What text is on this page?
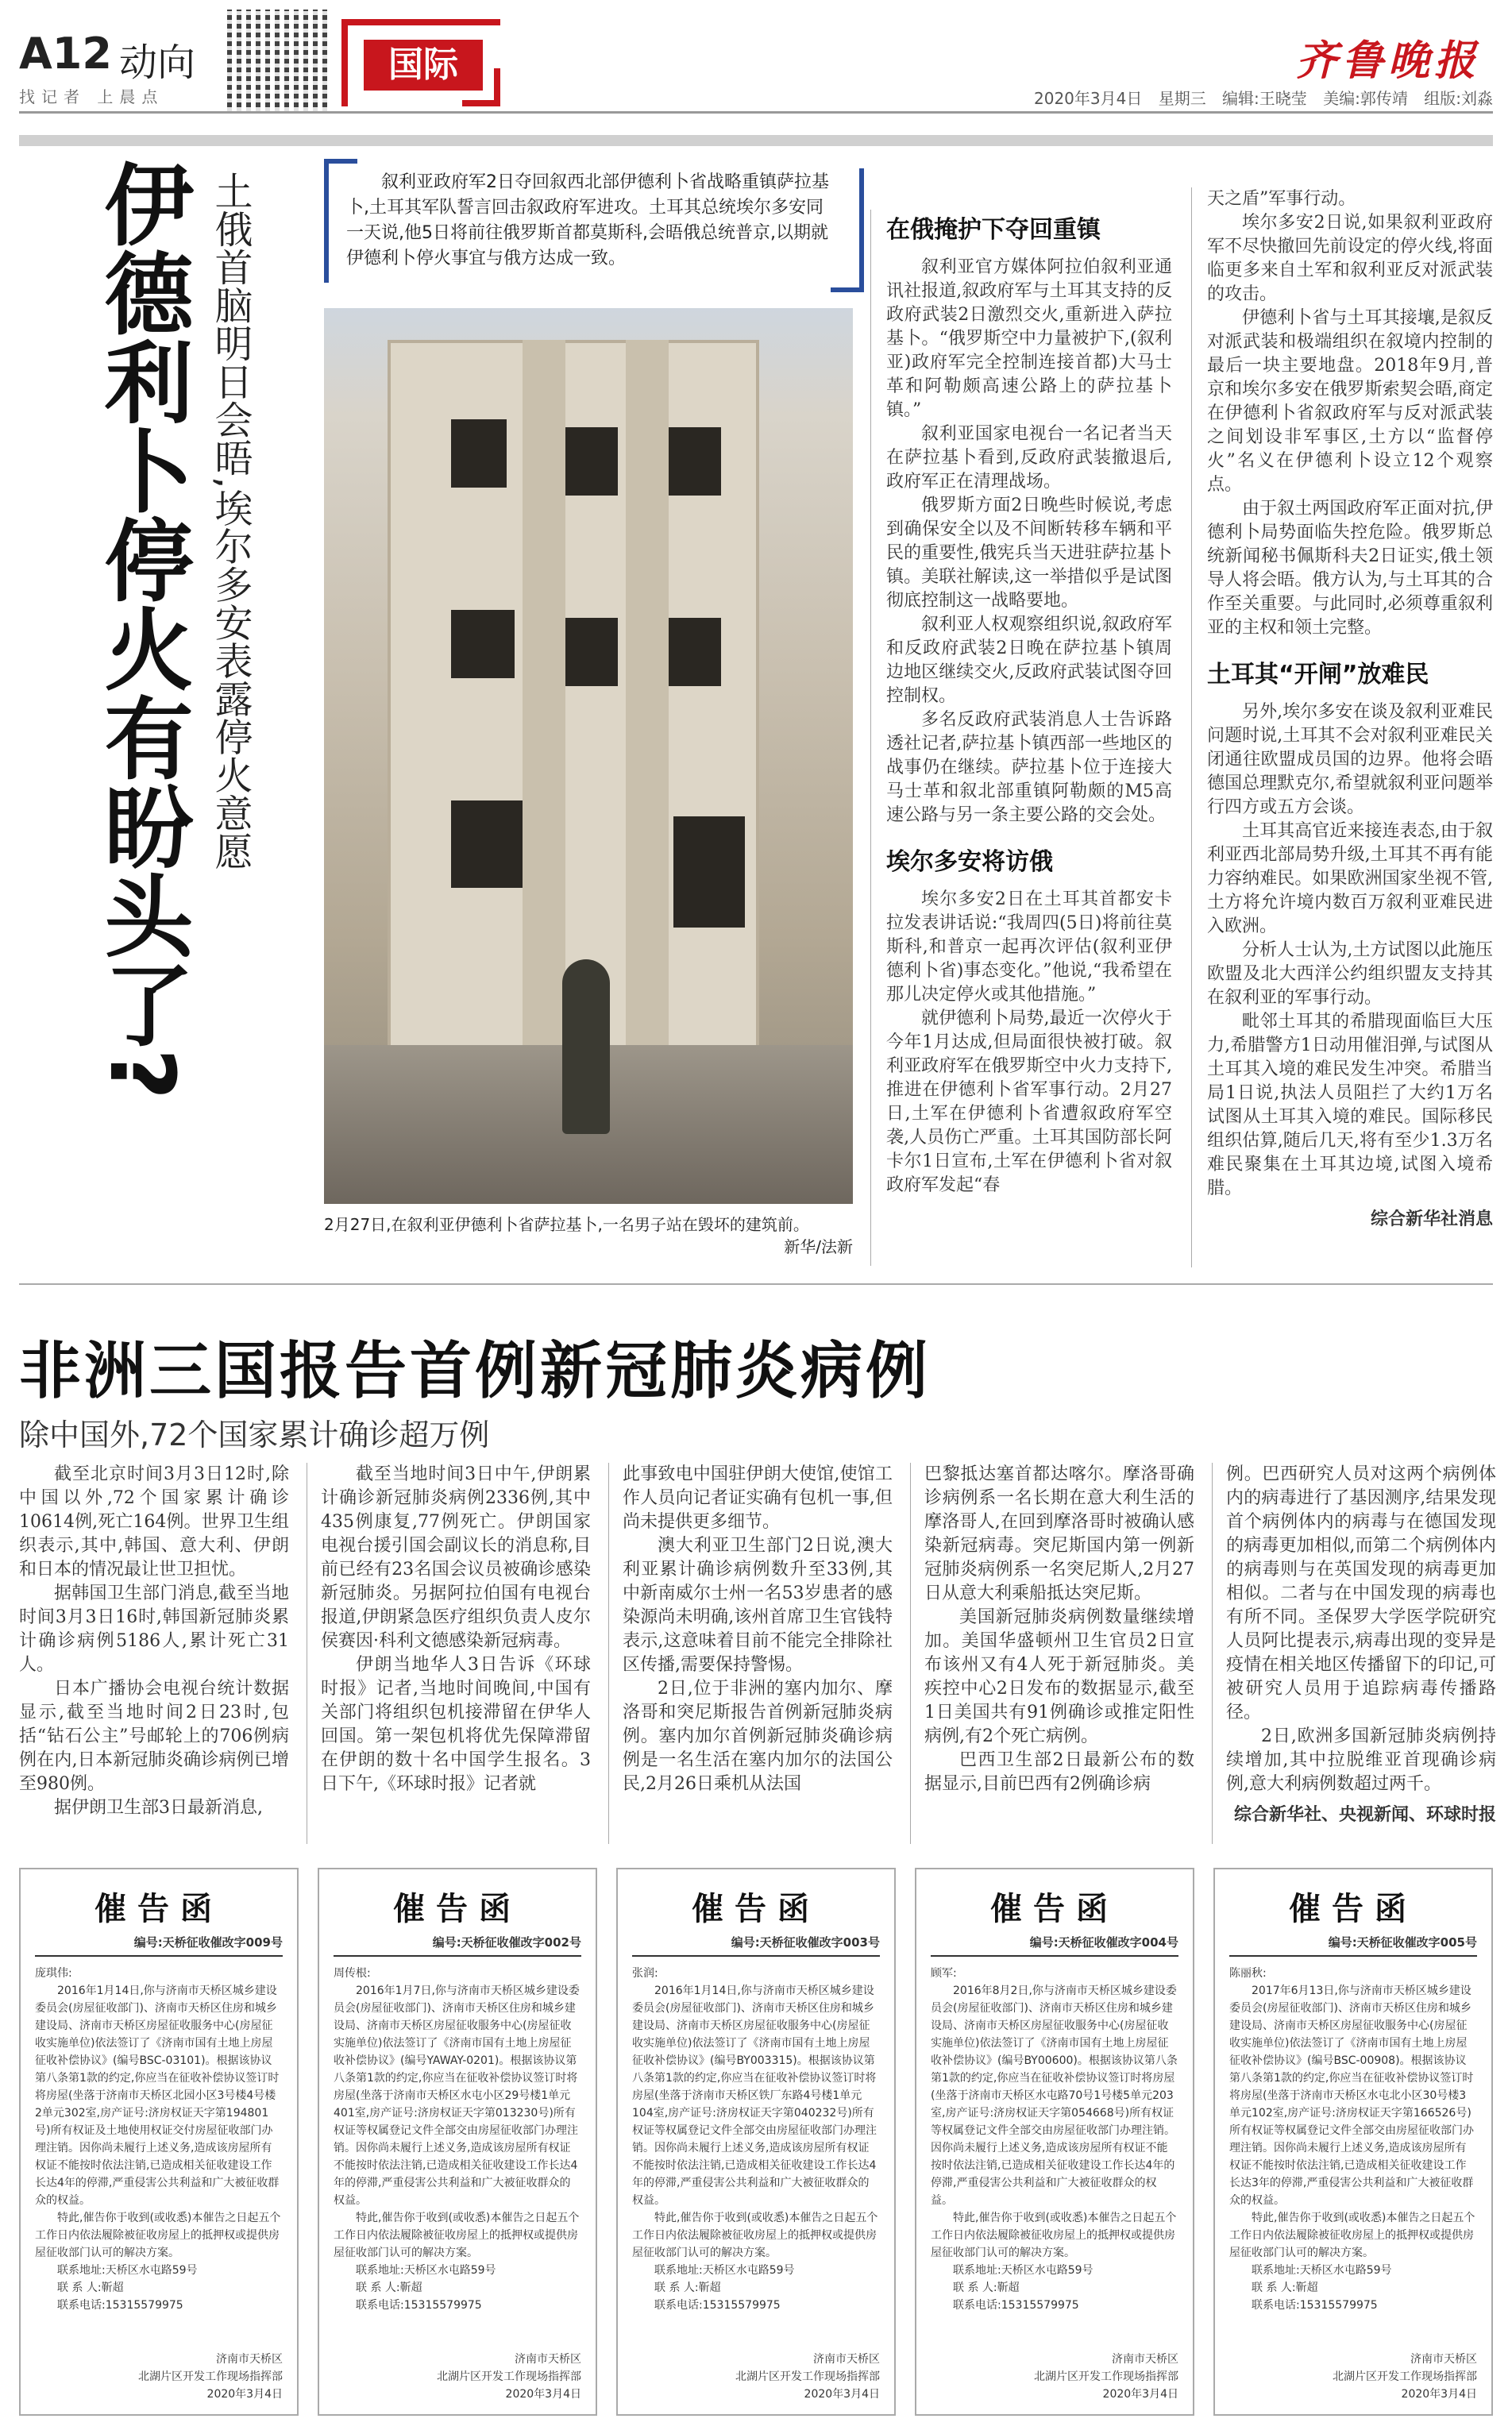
A12 动向
找记者 上晨点
国际	齐鲁晚报
2020年3月4日 星期三 编辑:王晓莹 美编:郭传靖 组版:刘淼
伊德利卜停火有盼头了? 土俄首脑明日会晤,埃尔多安表露停火意愿	叙利亚政府军2日夺回叙西北部伊德利卜省战略重镇萨拉基卜,土耳其军队誓言回击叙政府军进攻。土耳其总统埃尔多安同一天说,他5日将前往俄罗斯首都莫斯科,会晤俄总统普京,以期就伊德利卜停火事宜与俄方达成一致。

2月27日,在叙利亚伊德利卜省萨拉基卜,一名男子站在毁坏的建筑前。
新华/法新
在俄掩护下夺回重镇

叙利亚官方媒体阿拉伯叙利亚通讯社报道,叙政府军与土耳其支持的反政府武装2日激烈交火,重新进入萨拉基卜。“俄罗斯空中力量被护下,(叙利亚)政府军完全控制连接首都)大马士革和阿勒颇高速公路上的萨拉基卜镇。”

叙利亚国家电视台一名记者当天在萨拉基卜看到,反政府武装撤退后,政府军正在清理战场。

俄罗斯方面2日晚些时候说,考虑到确保安全以及不间断转移车辆和平民的重要性,俄宪兵当天进驻萨拉基卜镇。美联社解读,这一举措似乎是试图彻底控制这一战略要地。

叙利亚人权观察组织说,叙政府军和反政府武装2日晚在萨拉基卜镇周边地区继续交火,反政府武装试图夺回控制权。

多名反政府武装消息人士告诉路透社记者,萨拉基卜镇西部一些地区的战事仍在继续。萨拉基卜位于连接大马士革和叙北部重镇阿勒颇的M5高速公路与另一条主要公路的交会处。

埃尔多安将访俄

埃尔多安2日在土耳其首都安卡拉发表讲话说:“我周四(5日)将前往莫斯科,和普京一起再次评估(叙利亚伊德利卜省)事态变化。”他说,“我希望在那儿决定停火或其他措施。”

就伊德利卜局势,最近一次停火于今年1月达成,但局面很快被打破。叙利亚政府军在俄罗斯空中火力支持下,推进在伊德利卜省军事行动。2月27日,土军在伊德利卜省遭叙政府军空袭,人员伤亡严重。土耳其国防部长阿卡尔1日宣布,土军在伊德利卜省对叙政府军发起“春

天之盾”军事行动。

埃尔多安2日说,如果叙利亚政府军不尽快撤回先前设定的停火线,将面临更多来自土军和叙利亚反对派武装的攻击。

伊德利卜省与土耳其接壤,是叙反对派武装和极端组织在叙境内控制的最后一块主要地盘。2018年9月,普京和埃尔多安在俄罗斯索契会晤,商定在伊德利卜省叙政府军与反对派武装之间划设非军事区,土方以“监督停火”名义在伊德利卜设立12个观察点。

由于叙土两国政府军正面对抗,伊德利卜局势面临失控危险。俄罗斯总统新闻秘书佩斯科夫2日证实,俄土领导人将会晤。俄方认为,与土耳其的合作至关重要。与此同时,必须尊重叙利亚的主权和领土完整。

土耳其“开闸”放难民

另外,埃尔多安在谈及叙利亚难民问题时说,土耳其不会对叙利亚难民关闭通往欧盟成员国的边界。他将会晤德国总理默克尔,希望就叙利亚问题举行四方或五方会谈。

土耳其高官近来接连表态,由于叙利亚西北部局势升级,土耳其不再有能力容纳难民。如果欧洲国家坐视不管,土方将允许境内数百万叙利亚难民进入欧洲。

分析人士认为,土方试图以此施压欧盟及北大西洋公约组织盟友支持其在叙利亚的军事行动。

毗邻土耳其的希腊现面临巨大压力,希腊警方1日动用催泪弹,与试图从土耳其入境的难民发生冲突。希腊当局1日说,执法人员阻拦了大约1万名试图从土耳其入境的难民。国际移民组织估算,随后几天,将有至少1.3万名难民聚集在土耳其边境,试图入境希腊。

综合新华社消息
非洲三国报告首例新冠肺炎病例
除中国外,72个国家累计确诊超万例

截至北京时间3月3日12时,除中国以外,72个国家累计确诊10614例,死亡164例。世界卫生组织表示,其中,韩国、意大利、伊朗和日本的情况最让世卫担忧。

据韩国卫生部门消息,截至当地时间3月3日16时,韩国新冠肺炎累计确诊病例5186人,累计死亡31人。

日本广播协会电视台统计数据显示,截至当地时间2日23时,包括“钻石公主”号邮轮上的706例病例在内,日本新冠肺炎确诊病例已增至980例。

据伊朗卫生部3日最新消息,

截至当地时间3日中午,伊朗累计确诊新冠肺炎病例2336例,其中435例康复,77例死亡。伊朗国家电视台援引国会副议长的消息称,目前已经有23名国会议员被确诊感染新冠肺炎。另据阿拉伯国有电视台报道,伊朗紧急医疗组织负责人皮尔侯赛因·科利文德感染新冠病毒。

伊朗当地华人3日告诉《环球时报》记者,当地时间晚间,中国有关部门将组织包机接滞留在伊华人回国。第一架包机将优先保障滞留在伊朗的数十名中国学生报名。3日下午,《环球时报》记者就

此事致电中国驻伊朗大使馆,使馆工作人员向记者证实确有包机一事,但尚未提供更多细节。

澳大利亚卫生部门2日说,澳大利亚累计确诊病例数升至33例,其中新南威尔士州一名53岁患者的感染源尚未明确,该州首席卫生官钱特表示,这意味着目前不能完全排除社区传播,需要保持警惕。

2日,位于非洲的塞内加尔、摩洛哥和突尼斯报告首例新冠肺炎病例。塞内加尔首例新冠肺炎确诊病例是一名生活在塞内加尔的法国公民,2月26日乘机从法国

巴黎抵达塞首都达喀尔。摩洛哥确诊病例系一名长期在意大利生活的摩洛哥人,在回到摩洛哥时被确认感染新冠病毒。突尼斯国内第一例新冠肺炎病例系一名突尼斯人,2月27日从意大利乘船抵达突尼斯。

美国新冠肺炎病例数量继续增加。美国华盛顿州卫生官员2日宣布该州又有4人死于新冠肺炎。美疾控中心2日发布的数据显示,截至1日美国共有91例确诊或推定阳性病例,有2个死亡病例。

巴西卫生部2日最新公布的数据显示,目前巴西有2例确诊病

例。巴西研究人员对这两个病例体内的病毒进行了基因测序,结果发现首个病例体内的病毒与在德国发现的病毒更加相似,而第二个病例体内的病毒则与在英国发现的病毒更加相似。二者与在中国发现的病毒也有所不同。圣保罗大学医学院研究人员阿比提表示,病毒出现的变异是疫情在相关地区传播留下的印记,可被研究人员用于追踪病毒传播路径。

2日,欧洲多国新冠肺炎病例持续增加,其中拉脱维亚首现确诊病例,意大利病例数超过两千。

综合新华社、央视新闻、环球时报
催告函
编号:天桥征收催改字009号
庞琪伟:
2016年1月14日,你与济南市天桥区城乡建设委员会(房屋征收部门)、济南市天桥区住房和城乡建设局、济南市天桥区房屋征收服务中心(房屋征收实施单位)依法签订了《济南市国有土地上房屋征收补偿协议》(编号BSC-03101)。根据该协议第八条第1款的约定,你应当在征收补偿协议签订时将房屋(坐落于济南市天桥区北园小区3号楼4号楼2单元302室,房产证号:济房权证天字第194801号)所有权证及土地使用权证交付房屋征收部门办理注销。因你尚未履行上述义务,造成该房屋所有权证不能按时依法注销,已造成相关征收建设工作长达4年的停滞,严重侵害公共利益和广大被征收群众的权益。
特此,催告你于收到(或收悉)本催告之日起五个工作日内依法履除被征收房屋上的抵押权或提供房屋征收部门认可的解决方案。
联系地址:天桥区水屯路59号
联 系 人:靳超
联系电话:15315579975
济南市天桥区
北湖片区开发工作现场指挥部
2020年3月4日
催告函
编号:天桥征收催改字002号
周传根:
2016年1月7日,你与济南市天桥区城乡建设委员会(房屋征收部门)、济南市天桥区住房和城乡建设局、济南市天桥区房屋征收服务中心(房屋征收实施单位)依法签订了《济南市国有土地上房屋征收补偿协议》(编号YAWAY-0201)。根据该协议第八条第1款的约定,你应当在征收补偿协议签订时将房屋(坐落于济南市天桥区水屯小区29号楼1单元401室,房产证号:济房权证天字第013230号)所有权证等权属登记文件全部交由房屋征收部门办理注销。因你尚未履行上述义务,造成该房屋所有权证不能按时依法注销,已造成相关征收建设工作长达4年的停滞,严重侵害公共利益和广大被征收群众的权益。
特此,催告你于收到(或收悉)本催告之日起五个工作日内依法履除被征收房屋上的抵押权或提供房屋征收部门认可的解决方案。
联系地址:天桥区水屯路59号
联 系 人:靳超
联系电话:15315579975
济南市天桥区
北湖片区开发工作现场指挥部
2020年3月4日
催告函
编号:天桥征收催改字003号
张润:
2016年1月14日,你与济南市天桥区城乡建设委员会(房屋征收部门)、济南市天桥区住房和城乡建设局、济南市天桥区房屋征收服务中心(房屋征收实施单位)依法签订了《济南市国有土地上房屋征收补偿协议》(编号BY003315)。根据该协议第八条第1款的约定,你应当在征收补偿协议签订时将房屋(坐落于济南市天桥区铁厂东路4号楼1单元104室,房产证号:济房权证天字第040232号)所有权证等权属登记文件全部交由房屋征收部门办理注销。因你尚未履行上述义务,造成该房屋所有权证不能按时依法注销,已造成相关征收建设工作长达4年的停滞,严重侵害公共利益和广大被征收群众的权益。
特此,催告你于收到(或收悉)本催告之日起五个工作日内依法履除被征收房屋上的抵押权或提供房屋征收部门认可的解决方案。
联系地址:天桥区水屯路59号
联 系 人:靳超
联系电话:15315579975
济南市天桥区
北湖片区开发工作现场指挥部
2020年3月4日
催告函
编号:天桥征收催改字004号
顾军:
2016年8月2日,你与济南市天桥区城乡建设委员会(房屋征收部门)、济南市天桥区住房和城乡建设局、济南市天桥区房屋征收服务中心(房屋征收实施单位)依法签订了《济南市国有土地上房屋征收补偿协议》(编号BY00600)。根据该协议第八条第1款的约定,你应当在征收补偿协议签订时将房屋(坐落于济南市天桥区水屯路70号1号楼5单元203室,房产证号:济房权证天字第054668号)所有权证等权属登记文件全部交由房屋征收部门办理注销。因你尚未履行上述义务,造成该房屋所有权证不能按时依法注销,已造成相关征收建设工作长达4年的停滞,严重侵害公共利益和广大被征收群众的权益。
特此,催告你于收到(或收悉)本催告之日起五个工作日内依法履除被征收房屋上的抵押权或提供房屋征收部门认可的解决方案。
联系地址:天桥区水屯路59号
联 系 人:靳超
联系电话:15315579975
济南市天桥区
北湖片区开发工作现场指挥部
2020年3月4日
催告函
编号:天桥征收催改字005号
陈丽秋:
2017年6月13日,你与济南市天桥区城乡建设委员会(房屋征收部门)、济南市天桥区住房和城乡建设局、济南市天桥区房屋征收服务中心(房屋征收实施单位)依法签订了《济南市国有土地上房屋征收补偿协议》(编号BSC-00908)。根据该协议第八条第1款的约定,你应当在征收补偿协议签订时将房屋(坐落于济南市天桥区水屯北小区30号楼3单元102室,房产证号:济房权证天字第166526号)所有权证等权属登记文件全部交由房屋征收部门办理注销。因你尚未履行上述义务,造成该房屋所有权证不能按时依法注销,已造成相关征收建设工作长达3年的停滞,严重侵害公共利益和广大被征收群众的权益。
特此,催告你于收到(或收悉)本催告之日起五个工作日内依法履除被征收房屋上的抵押权或提供房屋征收部门认可的解决方案。
联系地址:天桥区水屯路59号
联 系 人:靳超
联系电话:15315579975
济南市天桥区
北湖片区开发工作现场指挥部
2020年3月4日
